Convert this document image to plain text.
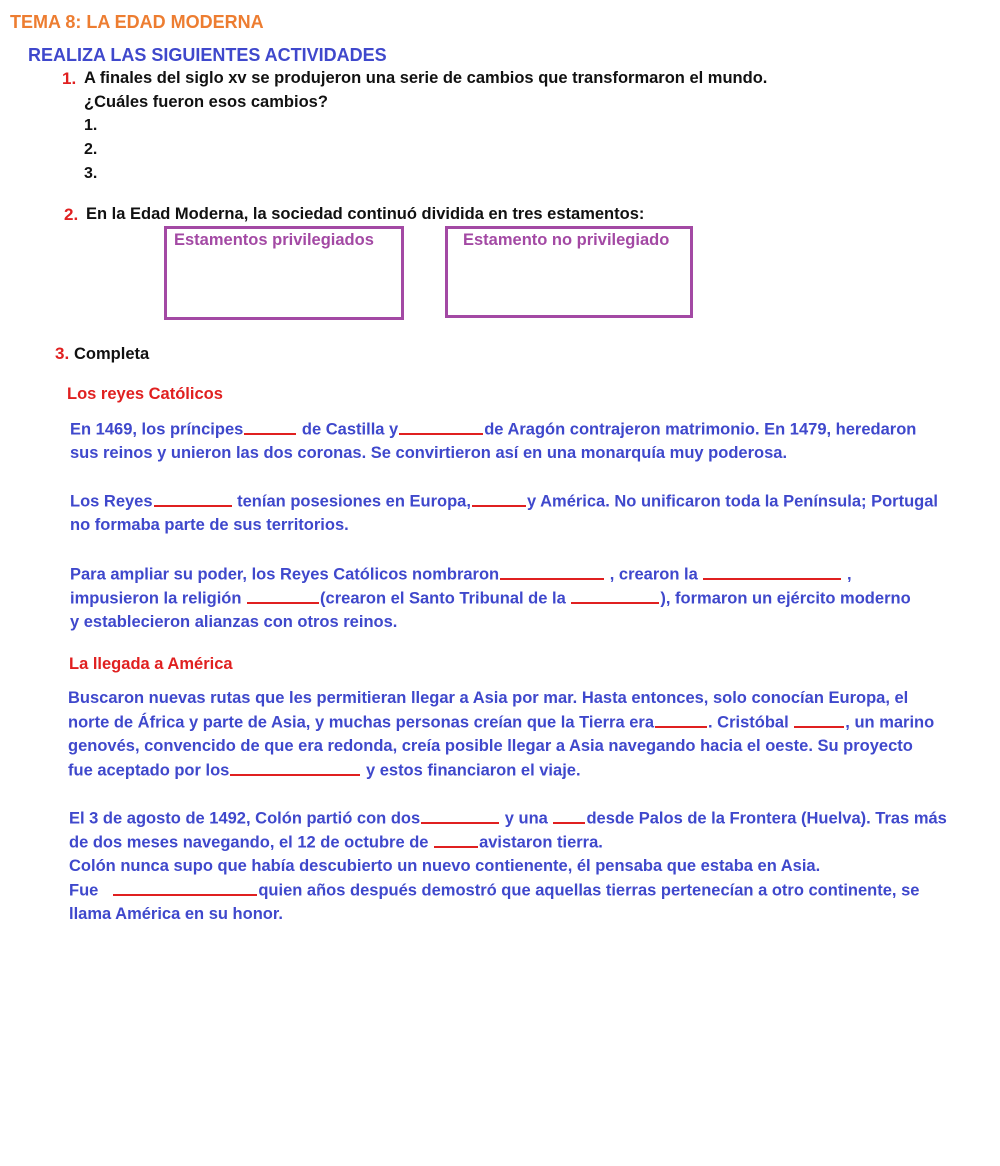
TEMA 8: LA EDAD MODERNA
REALIZA LAS SIGUIENTES ACTIVIDADES
1. A finales del siglo xv se produjeron una serie de cambios que transformaron el mundo.
¿Cuáles fueron esos cambios?
1.
2.
3.
2. En la Edad Moderna, la sociedad continuó dividida en tres estamentos:
Estamentos privilegiados	Estamento no privilegiado
3. Completa
Los reyes Católicos
En 1469, los príncipes	de Castilla y	de Aragón contrajeron matrimonio. En 1479, heredaron
sus reinos y unieron las dos coronas. Se convirtieron así en una monarquía muy poderosa.
Los Reyes	tenían posesiones en Europa,	y América. No unificaron toda la Península; Portugal
no formaba parte de sus territorios.
Para ampliar su poder, los Reyes Católicos nombraron	, crearon la	,
impusieron la religión	(crearon el Santo Tribunal de la	), formaron un ejército moderno
y establecieron alianzas con otros reinos.
La llegada a América
Buscaron nuevas rutas que les permitieran llegar a Asia por mar. Hasta entonces, solo conocían Europa, el
norte de África y parte de Asia, y muchas personas creían que la Tierra era	. Cristóbal	, un marino
genovés, convencido de que era redonda, creía posible llegar a Asia navegando hacia el oeste. Su proyecto
fue aceptado por los	y estos financiaron el viaje.
El 3 de agosto de 1492, Colón partió con dos	y una desde Palos de la Frontera (Huelva). Tras más
de dos meses navegando, el 12 de octubre de	avistaron tierra.
Colón nunca supo que había descubierto un nuevo contienente, él pensaba que estaba en Asia.
Fue	quien años después demostró que aquellas tierras pertenecían a otro continente, se
llama América en su honor.
